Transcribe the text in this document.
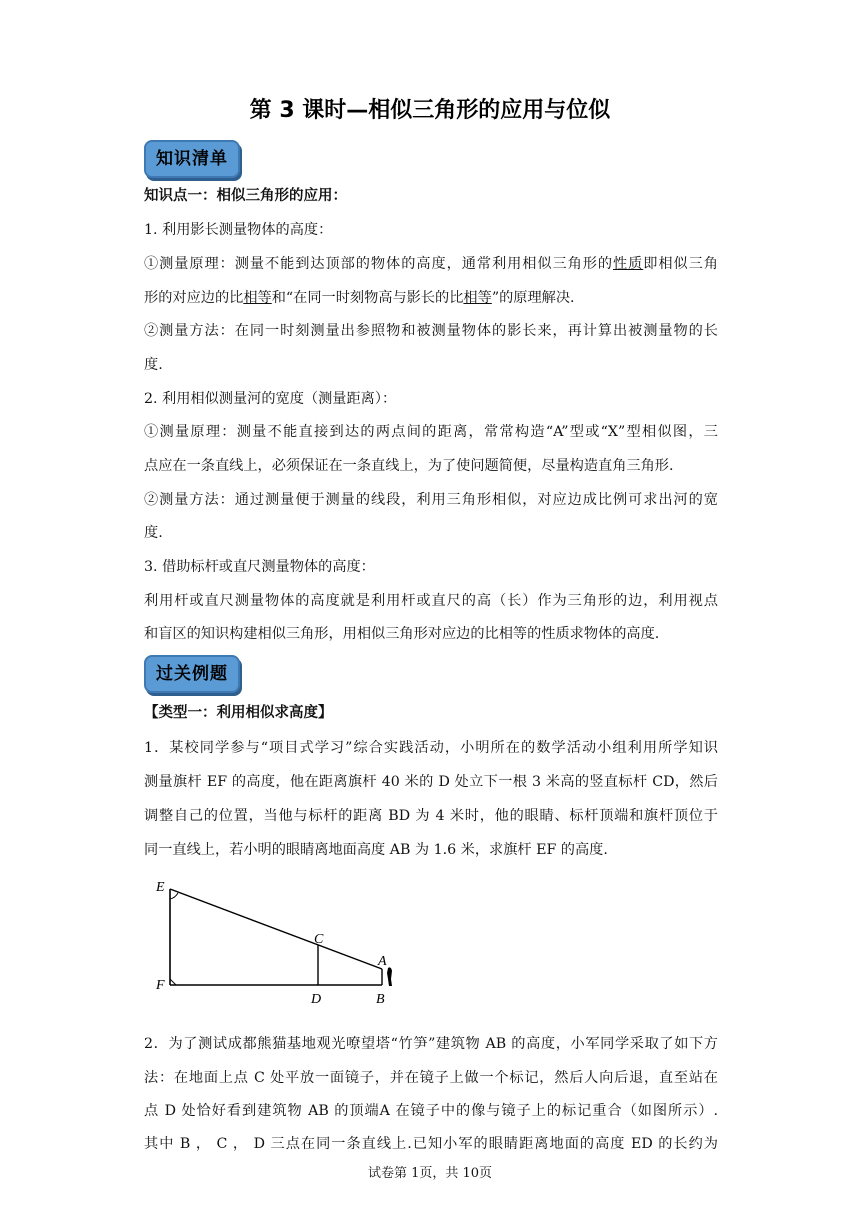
第 3 课时—相似三角形的应用与位似
知识清单
知识点一：相似三角形的应用：
1. 利用影长测量物体的高度：
①测量原理：测量不能到达顶部的物体的高度，通常利用相似三角形的性质即相似三角
形的对应边的比相等和“在同一时刻物高与影长的比相等”的原理解决.
②测量方法：在同一时刻测量出参照物和被测量物体的影长来，再计算出被测量物的长
度.
2. 利用相似测量河的宽度（测量距离）：
①测量原理：测量不能直接到达的两点间的距离，常常构造“A”型或“X”型相似图，三
点应在一条直线上，必须保证在一条直线上，为了使问题简便，尽量构造直角三角形.
②测量方法：通过测量便于测量的线段，利用三角形相似，对应边成比例可求出河的宽
度.
3. 借助标杆或直尺测量物体的高度：
利用杆或直尺测量物体的高度就是利用杆或直尺的高（长）作为三角形的边，利用视点
和盲区的知识构建相似三角形，用相似三角形对应边的比相等的性质求物体的高度.
过关例题
【类型一：利用相似求高度】
1．某校同学参与“项目式学习”综合实践活动，小明所在的数学活动小组利用所学知识
测量旗杆 EF 的高度，他在距离旗杆 40 米的 D 处立下一根 3 米高的竖直标杆 CD，然后
调整自己的位置，当他与标杆的距离 BD 为 4 米时，他的眼睛、标杆顶端和旗杆顶位于
同一直线上，若小明的眼睛离地面高度 AB 为 1.6 米，求旗杆 EF 的高度.
E
F
C
D
A
B
2．为了测试成都熊猫基地观光嘹望塔“竹笋”建筑物 AB 的高度，小军同学采取了如下方
法：在地面上点 C 处平放一面镜子，并在镜子上做一个标记，然后人向后退，直至站在
点 D 处恰好看到建筑物 AB 的顶端A 在镜子中的像与镜子上的标记重合（如图所示）.
其中 B ， C ， D 三点在同一条直线上.已知小军的眼睛距离地面的高度 ED 的长约为
试卷第 1页，共 10页
